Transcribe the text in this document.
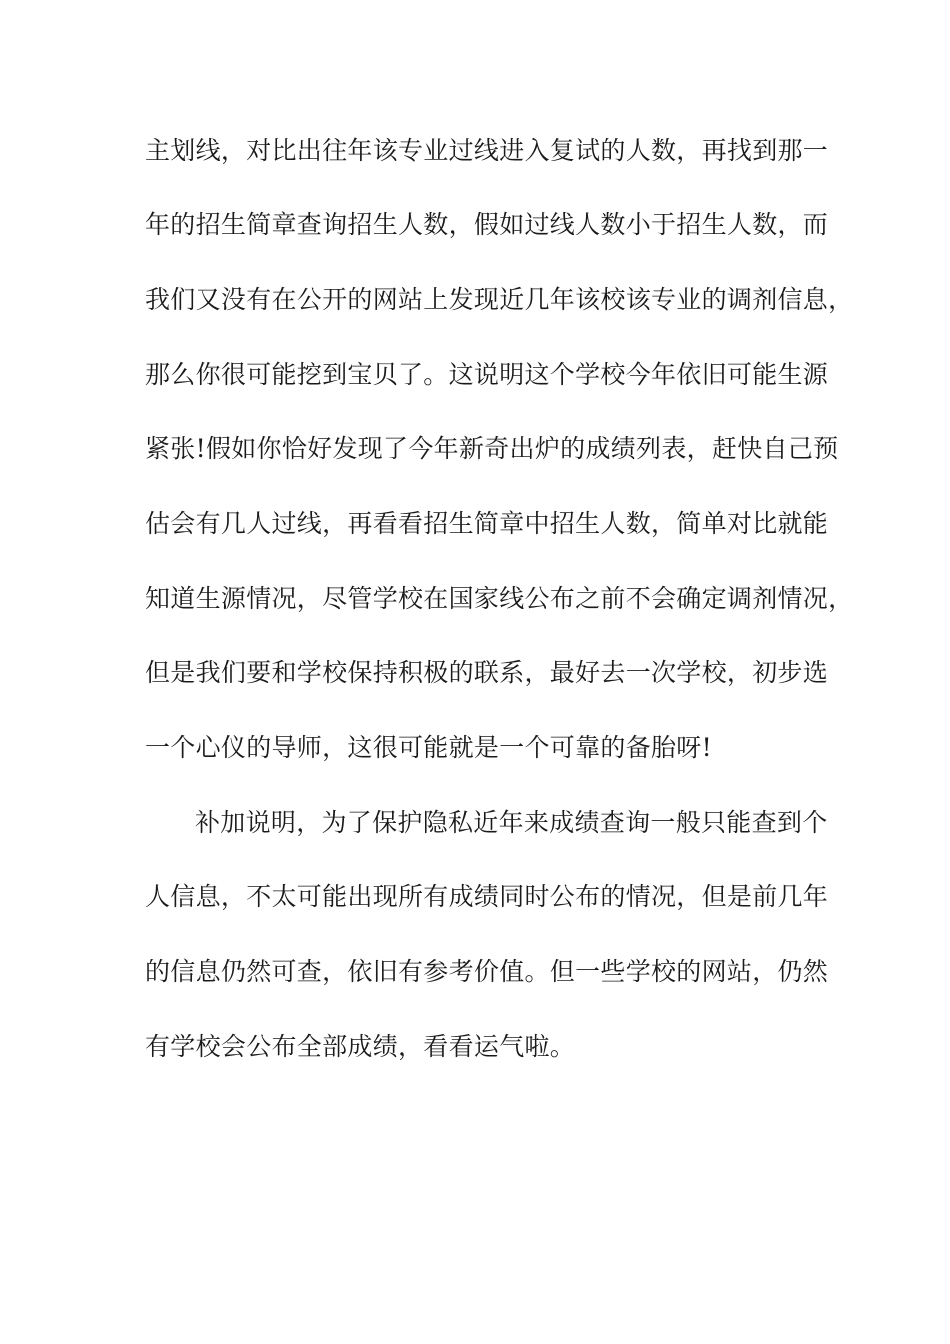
主划线，对比出往年该专业过线进入复试的人数，再找到那一
年的招生简章查询招生人数，假如过线人数小于招生人数，而
我们又没有在公开的网站上发现近几年该校该专业的调剂信息，
那么你很可能挖到宝贝了。这说明这个学校今年依旧可能生源
紧张!假如你恰好发现了今年新奇出炉的成绩列表，赶快自己预
估会有几人过线，再看看招生简章中招生人数，简单对比就能
知道生源情况，尽管学校在国家线公布之前不会确定调剂情况，
但是我们要和学校保持积极的联系，最好去一次学校，初步选
一个心仪的导师，这很可能就是一个可靠的备胎呀!
补加说明，为了保护隐私近年来成绩查询一般只能查到个
人信息，不太可能出现所有成绩同时公布的情况，但是前几年
的信息仍然可查，依旧有参考价值。但一些学校的网站，仍然
有学校会公布全部成绩，看看运气啦。
